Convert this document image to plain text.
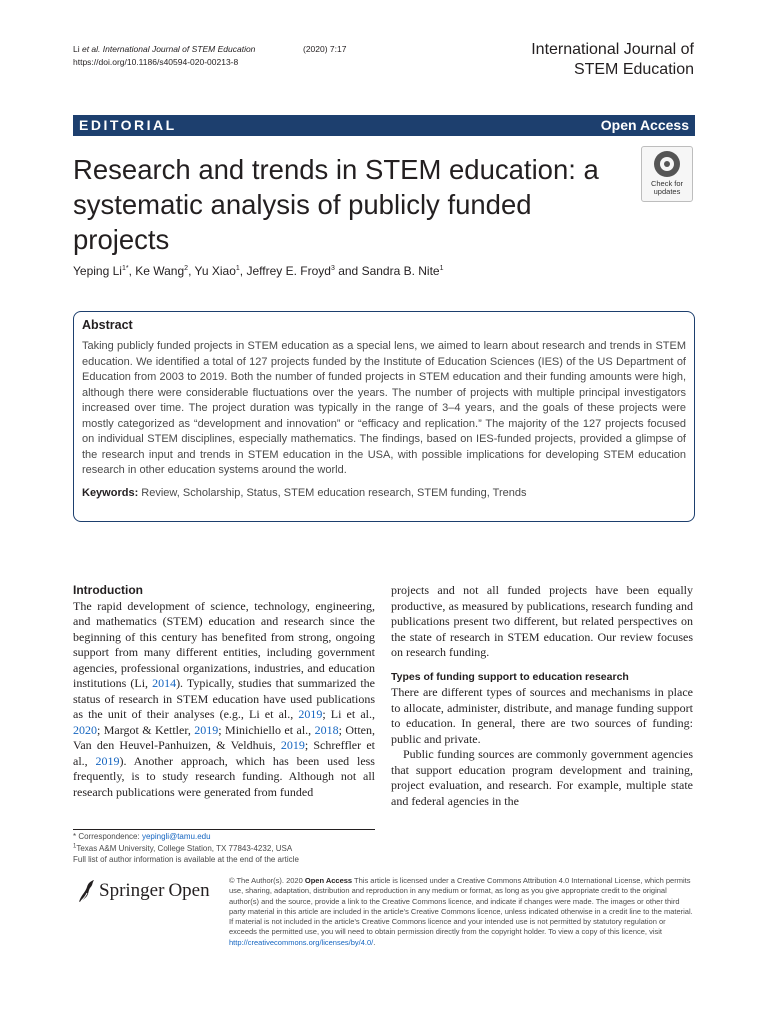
Li et al. International Journal of STEM Education	(2020) 7:17
https://doi.org/10.1186/s40594-020-00213-8
International Journal of
STEM Education
EDITORIAL	Open Access
Research and trends in STEM education: a systematic analysis of publicly funded projects
Check for
updates
Yeping $Li^{1*}$, Ke Wang$^2$, Yu Xiao$^1$, Jeffrey E. Froyd$^3$ and Sandra B. Nite$^1$
Abstract

Taking publicly funded projects in STEM education as a special lens, we aimed to learn about research and trends in STEM education. We identified a total of 127 projects funded by the Institute of Education Sciences (IES) of the US Department of Education from 2003 to 2019. Both the number of funded projects in STEM education and their funding amounts were high, although there were considerable fluctuations over the years. The number of projects with multiple principal investigators increased over time. The project duration was typically in the range of 3–4 years, and the goals of these projects were mostly categorized as “development and innovation” or “efficacy and replication.” The majority of the 127 projects focused on individual STEM disciplines, especially mathematics. The findings, based on IES-funded projects, provided a glimpse of the research input and trends in STEM education in the USA, with possible implications for developing STEM education research in other education systems around the world.

Keywords: Review, Scholarship, Status, STEM education research, STEM funding, Trends

Introduction

The rapid development of science, technology, engineering, and mathematics (STEM) education and research since the beginning of this century has benefited from strong, ongoing support from many different entities, including government agencies, professional organizations, industries, and education institutions (Li, 2014). Typically, studies that summarized the status of research in STEM education have used publications as the unit of their analyses (e.g., Li et al., 2019; Li et al., 2020; Margot & Kettler, 2019; Minichiello et al., 2018; Otten, Van den Heuvel-Panhuizen, & Veldhuis, 2019; Schreffler et al., 2019). Another approach, which has been used less frequently, is to study research funding. Although not all research publications were generated from funded

projects and not all funded projects have been equally productive, as measured by publications, research funding and publications present two different, but related perspectives on the state of research in STEM education. Our review focuses on research funding.

Types of funding support to education research

There are different types of sources and mechanisms in place to allocate, administer, distribute, and manage funding support to education. In general, there are two sources of funding: public and private.

Public funding sources are commonly government agencies that support education program development and training, project evaluation, and research. For example, multiple state and federal agencies in the

* Correspondence: yepingli@tamu.edu
$^1$Texas A&M University, College Station, TX 77843-4232, USA
Full list of author information is available at the end of the article
Springer Open	© The Author(s). 2020 Open Access This article is licensed under a Creative Commons Attribution 4.0 International License, which permits use, sharing, adaptation, distribution and reproduction in any medium or format, as long as you give appropriate credit to the original author(s) and the source, provide a link to the Creative Commons licence, and indicate if changes were made. The images or other third party material in this article are included in the article's Creative Commons licence, unless indicated otherwise in a credit line to the material. If material is not included in the article's Creative Commons licence and your intended use is not permitted by statutory regulation or exceeds the permitted use, you will need to obtain permission directly from the copyright holder. To view a copy of this licence, visit http://creativecommons.org/licenses/by/4.0/.
